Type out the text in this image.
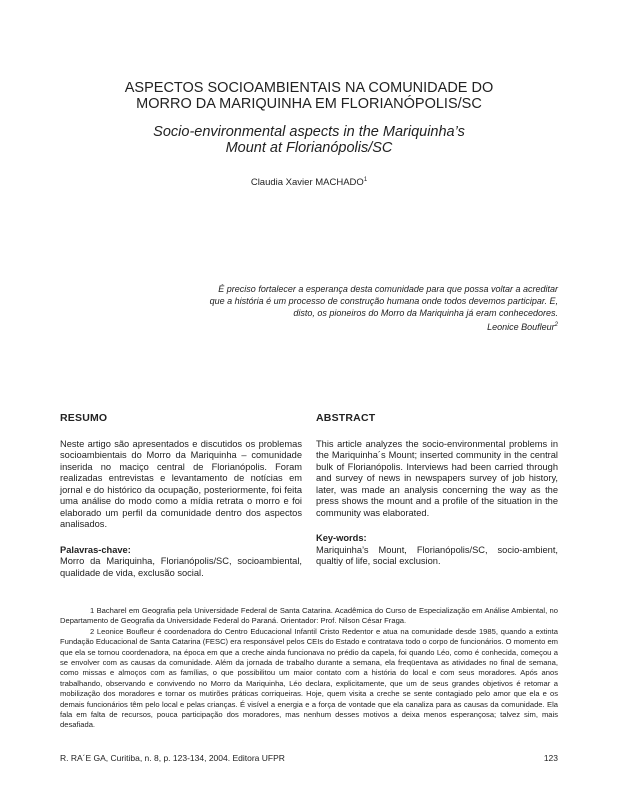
ASPECTOS SOCIOAMBIENTAIS NA COMUNIDADE DO
MORRO DA MARIQUINHA EM FLORIANÓPOLIS/SC
Socio-environmental aspects in the Mariquinha’s
Mount at Florianópolis/SC
Claudia Xavier MACHADO$^1$
É preciso fortalecer a esperança desta comunidade para que possa voltar a acreditar
que a história é um processo de construção humana onde todos devemos participar. E,
disto, os pioneiros do Morro da Mariquinha já eram conhecedores.
Leonice Boufleur$^2$
RESUMO

Neste artigo são apresentados e discutidos os problemas socioambientais do Morro da Mariquinha – comunidade inserida no maciço central de Florianópolis. Foram realizadas entrevistas e levantamento de notícias em jornal e do histórico da ocupação, posteriormente, foi feita uma análise do modo como a mídia retrata o morro e foi elaborado um perfil da comunidade dentro dos aspectos analisados.

Palavras-chave:

Morro da Mariquinha, Florianópolis/SC, socioambiental, qualidade de vida, exclusão social.

ABSTRACT

This article analyzes the socio-environmental problems in the Mariquinha´s Mount; inserted community in the central bulk of Florianópolis. Interviews had been carried through and survey of news in newspapers survey of job history, later, was made an analysis concerning the way as the press shows the mount and a profile of the situation in the community was elaborated.

Key-words:

Mariquinha’s Mount, Florianópolis/SC, socio-ambient, qualtiy of life, social exclusion.

1 Bacharel em Geografia pela Universidade Federal de Santa Catarina. Acadêmica do Curso de Especialização em Análise Ambiental, no Departamento de Geografia da Universidade Federal do Paraná. Orientador: Prof. Nilson César Fraga.

2 Leonice Boufleur é coordenadora do Centro Educacional Infantil Cristo Redentor e atua na comunidade desde 1985, quando a extinta Fundação Educacional de Santa Catarina (FESC) era responsável pelos CEIs do Estado e contratava todo o corpo de funcionários. O momento em que ela se tornou coordenadora, na época em que a creche ainda funcionava no prédio da capela, foi quando Léo, como é conhecida, começou a se envolver com as causas da comunidade. Além da jornada de trabalho durante a semana, ela freqüentava as atividades no final de semana, como missas e almoços com as famílias, o que possibilitou um maior contato com a história do local e com seus moradores. Após anos trabalhando, observando e convivendo no Morro da Mariquinha, Léo declara, explicitamente, que um de seus grandes objetivos é retomar a mobilização dos moradores e tornar os mutirões práticas corriqueiras. Hoje, quem visita a creche se sente contagiado pelo amor que ela e os demais funcionários têm pelo local e pelas crianças. É visível a energia e a força de vontade que ela canaliza para as causas da comunidade. Ela fala em falta de recursos, pouca participação dos moradores, mas nenhum desses motivos a deixa menos esperançosa; talvez sim, mais desafiada.

R. RA´E GA, Curitiba, n. 8, p. 123-134, 2004. Editora UFPR	123
